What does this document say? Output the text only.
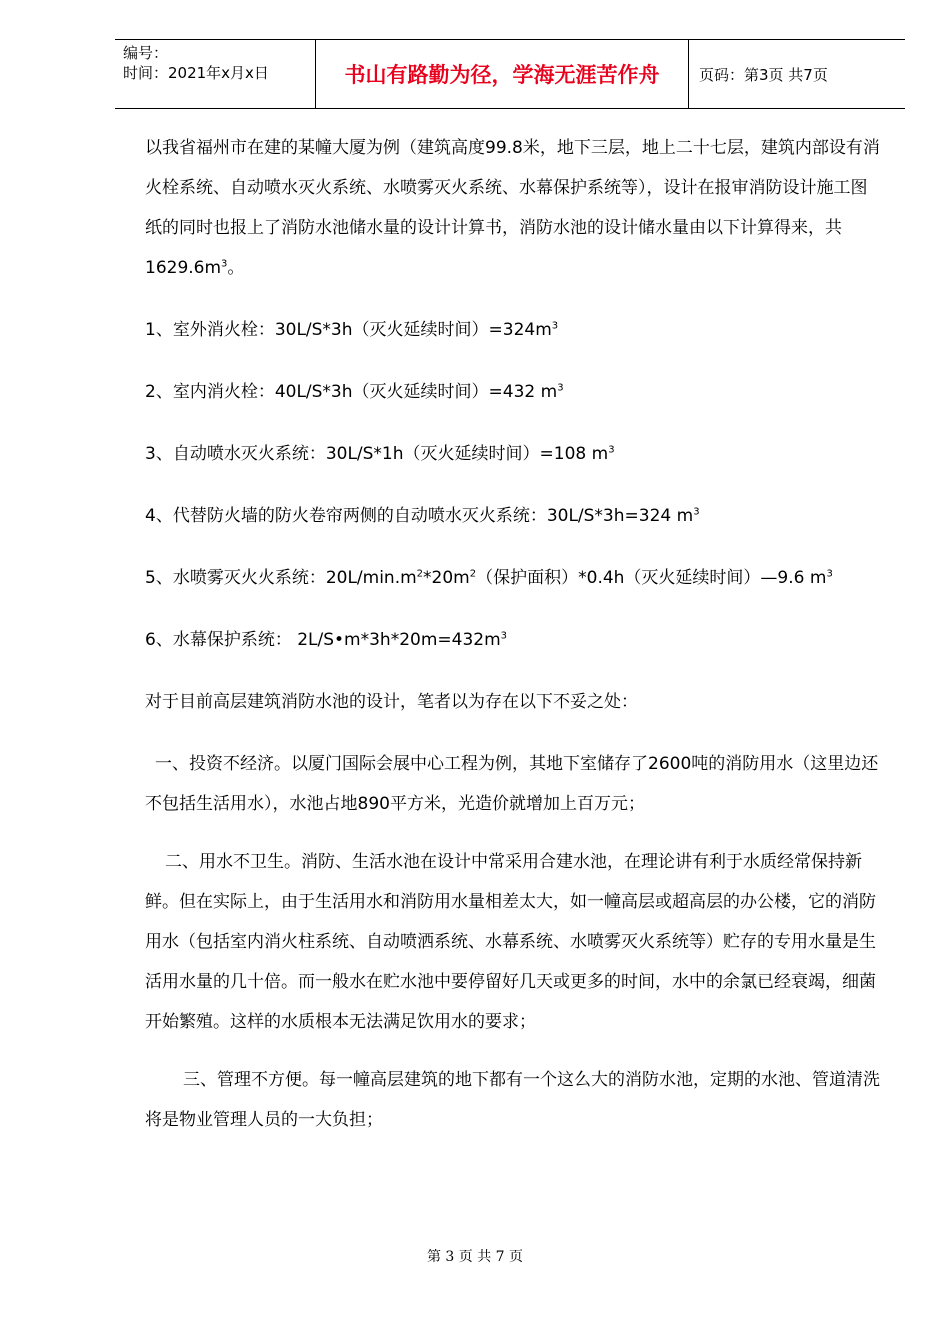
编号：
时间：2021年x月x日	书山有路勤为径，学海无涯苦作舟	页码：第3页 共7页

以我省福州市在建的某幢大厦为例（建筑高度99.8米，地下三层，地上二十七层，建筑内部设有消火栓系统、自动喷水灭火系统、水喷雾灭火系统、水幕保护系统等），设计在报审消防设计施工图纸的同时也报上了消防水池储水量的设计计算书，消防水池的设计储水量由以下计算得来，共$1629.6m^3$。

1、室外消火栓：30L/S*3h（灭火延续时间）$=324m^3$

2、室内消火栓：40L/S*3h（灭火延续时间）=432 $m^3$

3、自动喷水灭火系统：30L/S*1h（灭火延续时间）=108 $m^3$

4、代替防火墙的防火卷帘两侧的自动喷水灭火系统：30L/S*3h=324 $m^3$

5、水喷雾灭火火系统：$20L/\min.m^2*20m^2$（保护面积）*0.4h（灭火延续时间）—9.6 $m^3$

6、水幕保护系统： $2L/S•m*3h*20m=432m^3$

对于目前高层建筑消防水池的设计，笔者以为存在以下不妥之处：

一、投资不经济。以厦门国际会展中心工程为例，其地下室储存了2600吨的消防用水（这里边还不包括生活用水），水池占地890平方米，光造价就增加上百万元；

二、用水不卫生。消防、生活水池在设计中常采用合建水池，在理论讲有利于水质经常保持新鲜。但在实际上，由于生活用水和消防用水量相差太大，如一幢高层或超高层的办公楼，它的消防用水（包括室内消火柱系统、自动喷洒系统、水幕系统、水喷雾灭火系统等）贮存的专用水量是生活用水量的几十倍。而一般水在贮水池中要停留好几天或更多的时间，水中的余氯已经衰竭，细菌开始繁殖。这样的水质根本无法满足饮用水的要求；

三、管理不方便。每一幢高层建筑的地下都有一个这么大的消防水池，定期的水池、管道清洗将是物业管理人员的一大负担；

第 3 页 共 7 页
